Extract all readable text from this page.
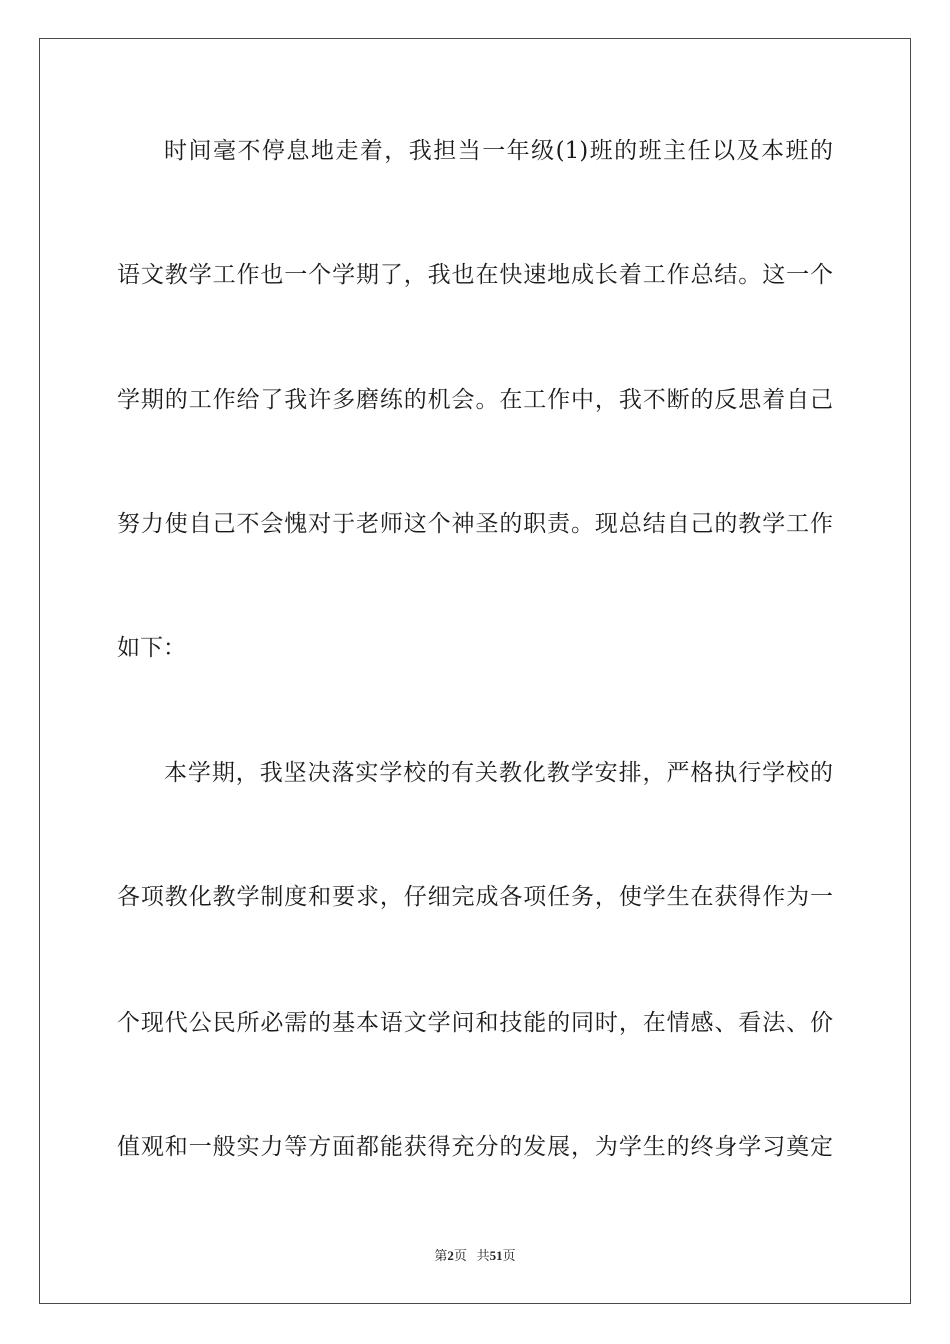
时间毫不停息地走着，我担当一年级(1)班的班主任以及本班的
语文教学工作也一个学期了，我也在快速地成长着工作总结。这一个
学期的工作给了我许多磨练的机会。在工作中，我不断的反思着自己
努力使自己不会愧对于老师这个神圣的职责。现总结自己的教学工作
如下：
本学期，我坚决落实学校的有关教化教学安排，严格执行学校的
各项教化教学制度和要求，仔细完成各项任务，使学生在获得作为一
个现代公民所必需的基本语文学问和技能的同时，在情感、看法、价
值观和一般实力等方面都能获得充分的发展，为学生的终身学习奠定
第2页 共51页
